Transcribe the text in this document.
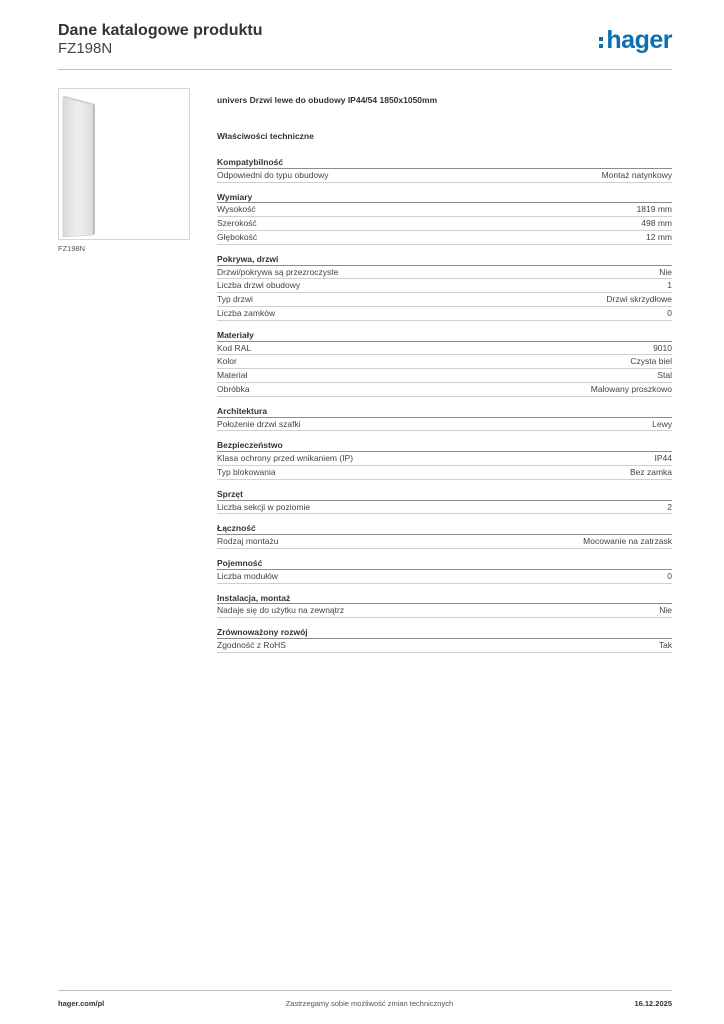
Dane katalogowe produktu
FZ198N	hager
FZ198N
univers Drzwi lewe do obudowy IP44/54 1850x1050mm
Właściwości techniczne
Kompatybilność
Odpowiedni do typu obudowy	Montaż natynkowy
Wymiary
Wysokość	1819 mm
Szerokość	498 mm
Głębokość	12 mm
Pokrywa, drzwi
Drzwi/pokrywa są przezroczyste	Nie
Liczba drzwi obudowy	1
Typ drzwi	Drzwi skrzydłowe
Liczba zamków	0
Materiały
Kod RAL	9010
Kolor	Czysta biel
Materiał	Stal
Obróbka	Malowany proszkowo
Architektura
Położenie drzwi szafki	Lewy
Bezpieczeństwo
Klasa ochrony przed wnikaniem (IP)	IP44
Typ blokowania	Bez zamka
Sprzęt
Liczba sekcji w poziomie	2
Łączność
Rodzaj montażu	Mocowanie na zatrzask
Pojemność
Liczba modułów	0
Instalacja, montaż
Nadaje się do użytku na zewnątrz	Nie
Zrównoważony rozwój
Zgodność z RoHS	Tak
hager.com/pl	Zastrzegamy sobie możliwość zmian technicznych	16.12.2025
